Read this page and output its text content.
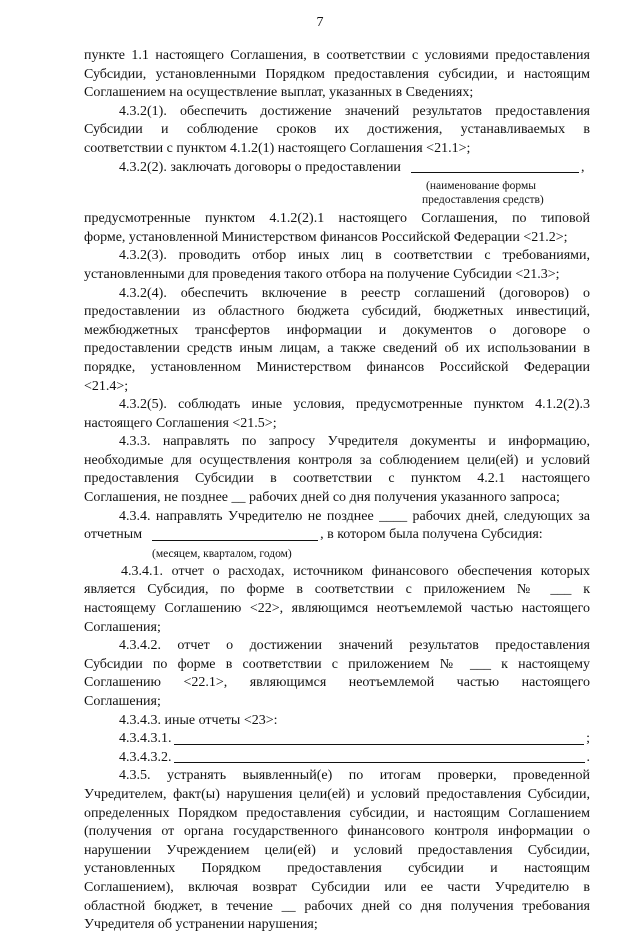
7

пункте 1.1 настоящего Соглашения, в соответствии с условиями предоставления
Субсидии, установленными Порядком предоставления субсидии, и настоящим
Соглашением на осуществление выплат, указанных в Сведениях;

4.3.2(1). обеспечить достижение значений результатов предоставления
Субсидии и соблюдение сроков их достижения, устанавливаемых в
соответствии с пунктом 4.1.2(1) настоящего Соглашения <21.1>;

4.3.2(2). заключать договоры о предоставлении	,
(наименование формы
предоставления средств)

предусмотренные пунктом 4.1.2(2).1 настоящего Соглашения, по типовой
форме, установленной Министерством финансов Российской Федерации <21.2>;

4.3.2(3). проводить отбор иных лиц в соответствии с требованиями,
установленными для проведения такого отбора на получение Субсидии <21.3>;

4.3.2(4). обеспечить включение в реестр соглашений (договоров) о
предоставлении из областного бюджета субсидий, бюджетных инвестиций,
межбюджетных трансфертов информации и документов о договоре о
предоставлении средств иным лицам, а также сведений об их использовании в
порядке, установленном Министерством финансов Российской Федерации
<21.4>;

4.3.2(5). соблюдать иные условия, предусмотренные пунктом 4.1.2(2).3
настоящего Соглашения <21.5>;

4.3.3. направлять по запросу Учредителя документы и информацию,
необходимые для осуществления контроля за соблюдением цели(ей) и условий
предоставления Субсидии в соответствии с пунктом 4.2.1 настоящего
Соглашения, не позднее __ рабочих дней со дня получения указанного запроса;

4.3.4. направлять Учредителю не позднее ____ рабочих дней, следующих за
отчетным	, в котором была получена Субсидия:
(месяцем, кварталом, годом)

4.3.4.1. отчет о расходах, источником финансового обеспечения которых
является Субсидия, по форме в соответствии с приложением № ___ к
настоящему Соглашению <22>, являющимся неотъемлемой частью настоящего
Соглашения;

4.3.4.2. отчет о достижении значений результатов предоставления
Субсидии по форме в соответствии с приложением № ___ к настоящему
Соглашению <22.1>, являющимся неотъемлемой частью настоящего
Соглашения;

4.3.4.3. иные отчеты <23>:

4.3.4.3.1.	;
4.3.4.3.2.	.

4.3.5. устранять выявленный(е) по итогам проверки, проведенной
Учредителем, факт(ы) нарушения цели(ей) и условий предоставления Субсидии,
определенных Порядком предоставления субсидии, и настоящим Соглашением
(получения от органа государственного финансового контроля информации о
нарушении Учреждением цели(ей) и условий предоставления Субсидии,
установленных Порядком предоставления субсидии и настоящим
Соглашением), включая возврат Субсидии или ее части Учредителю в
областной бюджет, в течение __ рабочих дней со дня получения требования
Учредителя об устранении нарушения;
